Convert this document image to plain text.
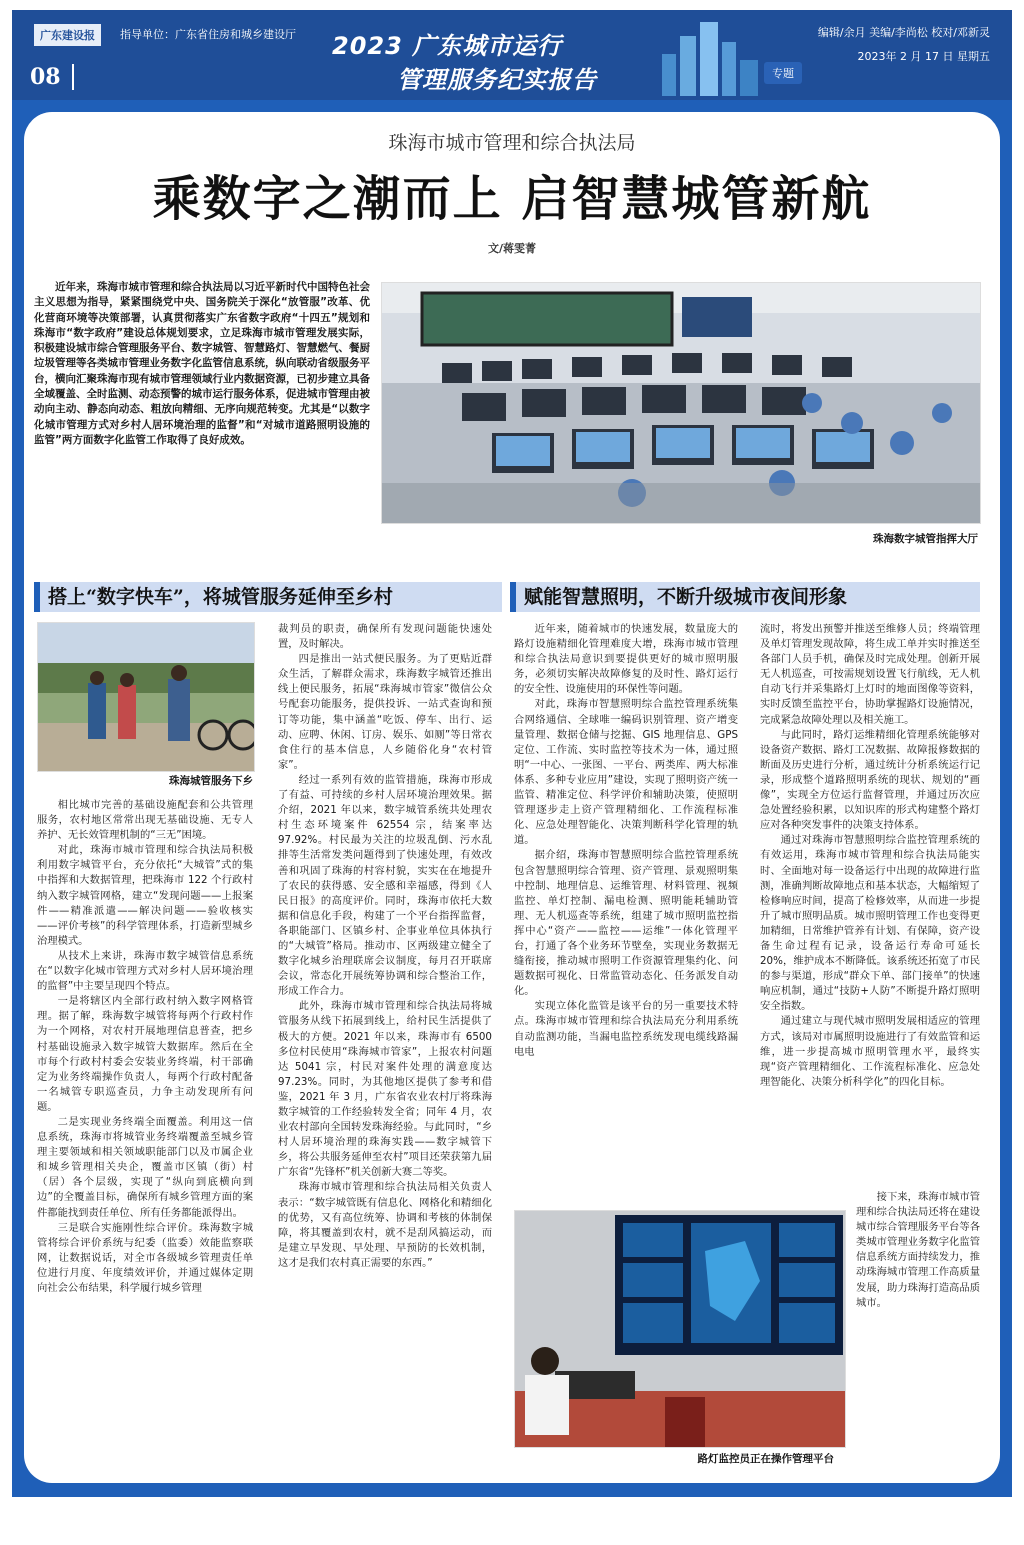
广东建设报	指导单位：广东省住房和城乡建设厅
08
2023 广东城市运行
管理服务纪实报告	专题
编辑/余月 美编/李尚松 校对/邓新灵
2023年 2 月 17 日 星期五
珠海市城市管理和综合执法局
乘数字之潮而上 启智慧城管新航
文/蒋雯菁
近年来，珠海市城市管理和综合执法局以习近平新时代中国特色社会主义思想为指导，紧紧围绕党中央、国务院关于深化“放管服”改革、优化营商环境等决策部署，认真贯彻落实广东省数字政府“十四五”规划和珠海市“数字政府”建设总体规划要求，立足珠海市城市管理发展实际，积极建设城市综合管理服务平台、数字城管、智慧路灯、智慧燃气、餐厨垃圾管理等各类城市管理业务数字化监管信息系统，纵向联动省级服务平台，横向汇聚珠海市现有城市管理领域行业内数据资源，已初步建立具备全域覆盖、全时监测、动态预警的城市运行服务体系，促进城市管理由被动向主动、静态向动态、粗放向精细、无序向规范转变。尤其是“以数字化城市管理方式对乡村人居环境治理的监督”和“对城市道路照明设施的监管”两方面数字化监管工作取得了良好成效。
珠海数字城管指挥大厅
搭上“数字快车”，将城管服务延伸至乡村
珠海城管服务下乡

相比城市完善的基础设施配套和公共管理服务，农村地区常常出现无基础设施、无专人养护、无长效管理机制的“三无”困境。

对此，珠海市城市管理和综合执法局积极利用数字城管平台，充分依托“大城管”式的集中指挥和大数据管理，把珠海市 122 个行政村纳入数字城管网格，建立“发现问题——上报案件——精准派遣——解决问题——验收核实——评价考核”的科学管理体系，打造新型城乡治理模式。

从技术上来讲，珠海市数字城管信息系统在“以数字化城市管理方式对乡村人居环境治理的监督”中主要呈现四个特点。

一是将辖区内全部行政村纳入数字网格管理。据了解，珠海数字城管将每两个行政村作为一个网格，对农村开展地理信息普查，把乡村基础设施录入数字城管大数据库。然后在全市每个行政村村委会安装业务终端，村干部确定为业务终端操作负责人，每两个行政村配备一名城管专职巡查员，力争主动发现所有问题。

二是实现业务终端全面覆盖。利用这一信息系统，珠海市将城管业务终端覆盖至城乡管理主要领域和相关领域职能部门以及市属企业和城乡管理相关央企，覆盖市区镇（街）村（居）各个层级，实现了“纵向到底横向到边”的全覆盖目标，确保所有城乡管理方面的案件都能找到责任单位、所有任务都能派得出。

三是联合实施刚性综合评价。珠海数字城管将综合评价系统与纪委（监委）效能监察联网，让数据说话，对全市各级城乡管理责任单位进行月度、年度绩效评价，并通过媒体定期向社会公布结果，科学履行城乡管理

裁判员的职责，确保所有发现问题能快速处置，及时解决。

四是推出一站式便民服务。为了更贴近群众生活，了解群众需求，珠海数字城管还推出线上便民服务，拓展“珠海城市管家”微信公众号配套功能服务，提供投诉、一站式查询和预订等功能，集中涵盖“吃饭、停车、出行、运动、应聘、休闲、订房、娱乐、如厕”等日常衣食住行的基本信息，人乡随俗化身“农村管家”。

经过一系列有效的监管措施，珠海市形成了有益、可持续的乡村人居环境治理效果。据介绍，2021 年以来，数字城管系统共处理农村生态环境案件 62554 宗，结案率达 97.92%。村民最为关注的垃圾乱倒、污水乱排等生活常发类问题得到了快速处理，有效改善和巩固了珠海的村容村貌，实实在在地提升了农民的获得感、安全感和幸福感，得到《人民日报》的高度评价。同时，珠海市依托大数据和信息化手段，构建了一个平台指挥监督，各职能部门、区镇乡村、企事业单位具体执行的“大城管”格局。推动市、区两级建立健全了数字化城乡治理联席会议制度，每月召开联席会议，常态化开展统筹协调和综合整治工作，形成工作合力。

此外，珠海市城市管理和综合执法局将城管服务从线下拓展到线上，给村民生活提供了极大的方便。2021 年以来，珠海市有 6500 多位村民使用“珠海城市管家”，上报农村问题达 5041 宗，村民对案件处理的满意度达 97.23%。同时，为其他地区提供了参考和借鉴，2021 年 3 月，广东省农业农村厅将珠海数字城管的工作经验转发全省；同年 4 月，农业农村部向全国转发珠海经验。与此同时，“乡村人居环境治理的珠海实践——数字城管下乡，将公共服务延伸至农村”项目还荣获第九届广东省“先锋杯”机关创新大赛二等奖。

珠海市城市管理和综合执法局相关负责人表示：“数字城管既有信息化、网格化和精细化的优势，又有高位统筹、协调和考核的体制保障，将其覆盖到农村，就不是刮风搞运动，而是建立早发现、早处理、早预防的长效机制，这才是我们农村真正需要的东西。”

赋能智慧照明，不断升级城市夜间形象

近年来，随着城市的快速发展，数量庞大的路灯设施精细化管理难度大增，珠海市城市管理和综合执法局意识到要提供更好的城市照明服务，必须切实解决故障修复的及时性、路灯运行的安全性、设施使用的环保性等问题。

对此，珠海市智慧照明综合监控管理系统集合网络通信、全球唯一编码识别管理、资产增变量管理、数据仓储与挖掘、GIS 地理信息、GPS 定位、工作流、实时监控等技术为一体，通过照明“一中心、一张图、一平台、两类库、两大标准体系、多种专业应用”建设，实现了照明资产统一监管、精准定位、科学评价和辅助决策，使照明管理逐步走上资产管理精细化、工作流程标准化、应急处理智能化、决策判断科学化管理的轨道。

据介绍，珠海市智慧照明综合监控管理系统包含智慧照明综合管理、资产管理、景观照明集中控制、地理信息、运维管理、材料管理、视频监控、单灯控制、漏电检测、照明能耗辅助管理、无人机巡查等系统，组建了城市照明监控指挥中心“资产——监控——运维”一体化管理平台，打通了各个业务环节壁垒，实现业务数据无缝衔接，推动城市照明工作资源管理集约化、问题数据可视化、日常监管动态化、任务派发自动化。

实现立体化监管是该平台的另一重要技术特点。珠海市城市管理和综合执法局充分利用系统自动监测功能，当漏电监控系统发现电缆线路漏电电

流时，将发出预警并推送至维修人员；终端管理及单灯管理发现故障，将生成工单并实时推送至各部门人员手机，确保及时完成处理。创新开展无人机巡查，可按需规划设置飞行航线，无人机自动飞行并采集路灯上灯时的地面图像等资料，实时反馈至监控平台，协助掌握路灯设施情况，完成紧急故障处理以及相关施工。

与此同时，路灯运维精细化管理系统能够对设备资产数据、路灯工况数据、故障报修数据的断面及历史进行分析，通过统计分析系统运行记录，形成整个道路照明系统的现状、规划的“画像”，实现全方位运行监督管理，并通过历次应急处置经验积累，以知识库的形式构建整个路灯应对各种突发事件的决策支持体系。

通过对珠海市智慧照明综合监控管理系统的有效运用，珠海市城市管理和综合执法局能实时、全面地对每一设备运行中出现的故障进行监测，准确判断故障地点和基本状态，大幅缩短了检修响应时间，提高了检修效率，从而进一步提升了城市照明品质。城市照明管理工作也变得更加精细，日常维护管养有计划、有保障，资产设备生命过程有记录，设备运行寿命可延长 20%，维护成本不断降低。该系统还拓宽了市民的参与渠道，形成“群众下单、部门接单”的快速响应机制，通过“技防+人防”不断提升路灯照明安全指数。

通过建立与现代城市照明发展相适应的管理方式，该局对市属照明设施进行了有效监管和运维，进一步提高城市照明管理水平，最终实现“资产管理精细化、工作流程标准化、应急处理智能化、决策分析科学化”的四化目标。

接下来，珠海市城市管理和综合执法局还将在建设城市综合管理服务平台等各类城市管理业务数字化监管信息系统方面持续发力，推动珠海城市管理工作高质量发展，助力珠海打造高品质城市。

路灯监控员正在操作管理平台
